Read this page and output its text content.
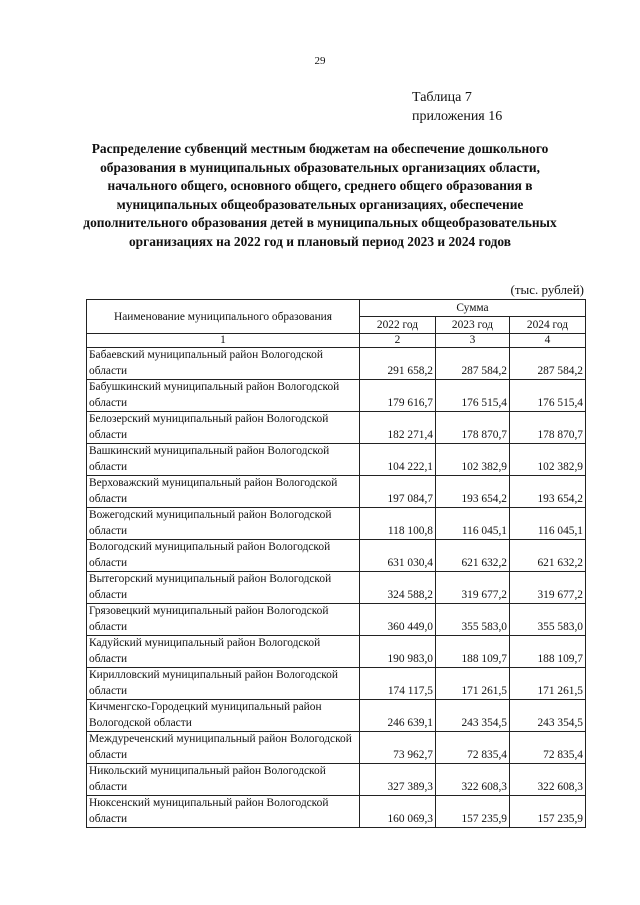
29
Таблица 7
приложения 16
Распределение субвенций местным бюджетам на обеспечение дошкольного образования в муниципальных образовательных организациях области, начального общего, основного общего, среднего общего образования в муниципальных общеобразовательных организациях, обеспечение дополнительного образования детей в муниципальных общеобразовательных организациях на 2022 год и плановый период 2023 и 2024 годов
(тыс. рублей)
Наименование муниципального образования	Сумма		
	2022 год	2023 год	2024 год
1	2	3	4
Бабаевский муниципальный район Вологодской области	291 658,2	287 584,2	287 584,2
Бабушкинский муниципальный район Вологодской области	179 616,7	176 515,4	176 515,4
Белозерский муниципальный район Вологодской области	182 271,4	178 870,7	178 870,7
Вашкинский муниципальный район Вологодской области	104 222,1	102 382,9	102 382,9
Верховажский муниципальный район Вологодской области	197 084,7	193 654,2	193 654,2
Вожегодский муниципальный район Вологодской области	118 100,8	116 045,1	116 045,1
Вологодский муниципальный район Вологодской области	631 030,4	621 632,2	621 632,2
Вытегорский муниципальный район Вологодской области	324 588,2	319 677,2	319 677,2
Грязовецкий муниципальный район Вологодской области	360 449,0	355 583,0	355 583,0
Кадуйский муниципальный район Вологодской области	190 983,0	188 109,7	188 109,7
Кирилловский муниципальный район Вологодской области	174 117,5	171 261,5	171 261,5
Кичменгско-Городецкий муниципальный район Вологодской области	246 639,1	243 354,5	243 354,5
Междуреченский муниципальный район Вологодской области	73 962,7	72 835,4	72 835,4
Никольский муниципальный район Вологодской области	327 389,3	322 608,3	322 608,3
Нюксенский муниципальный район Вологодской области	160 069,3	157 235,9	157 235,9
